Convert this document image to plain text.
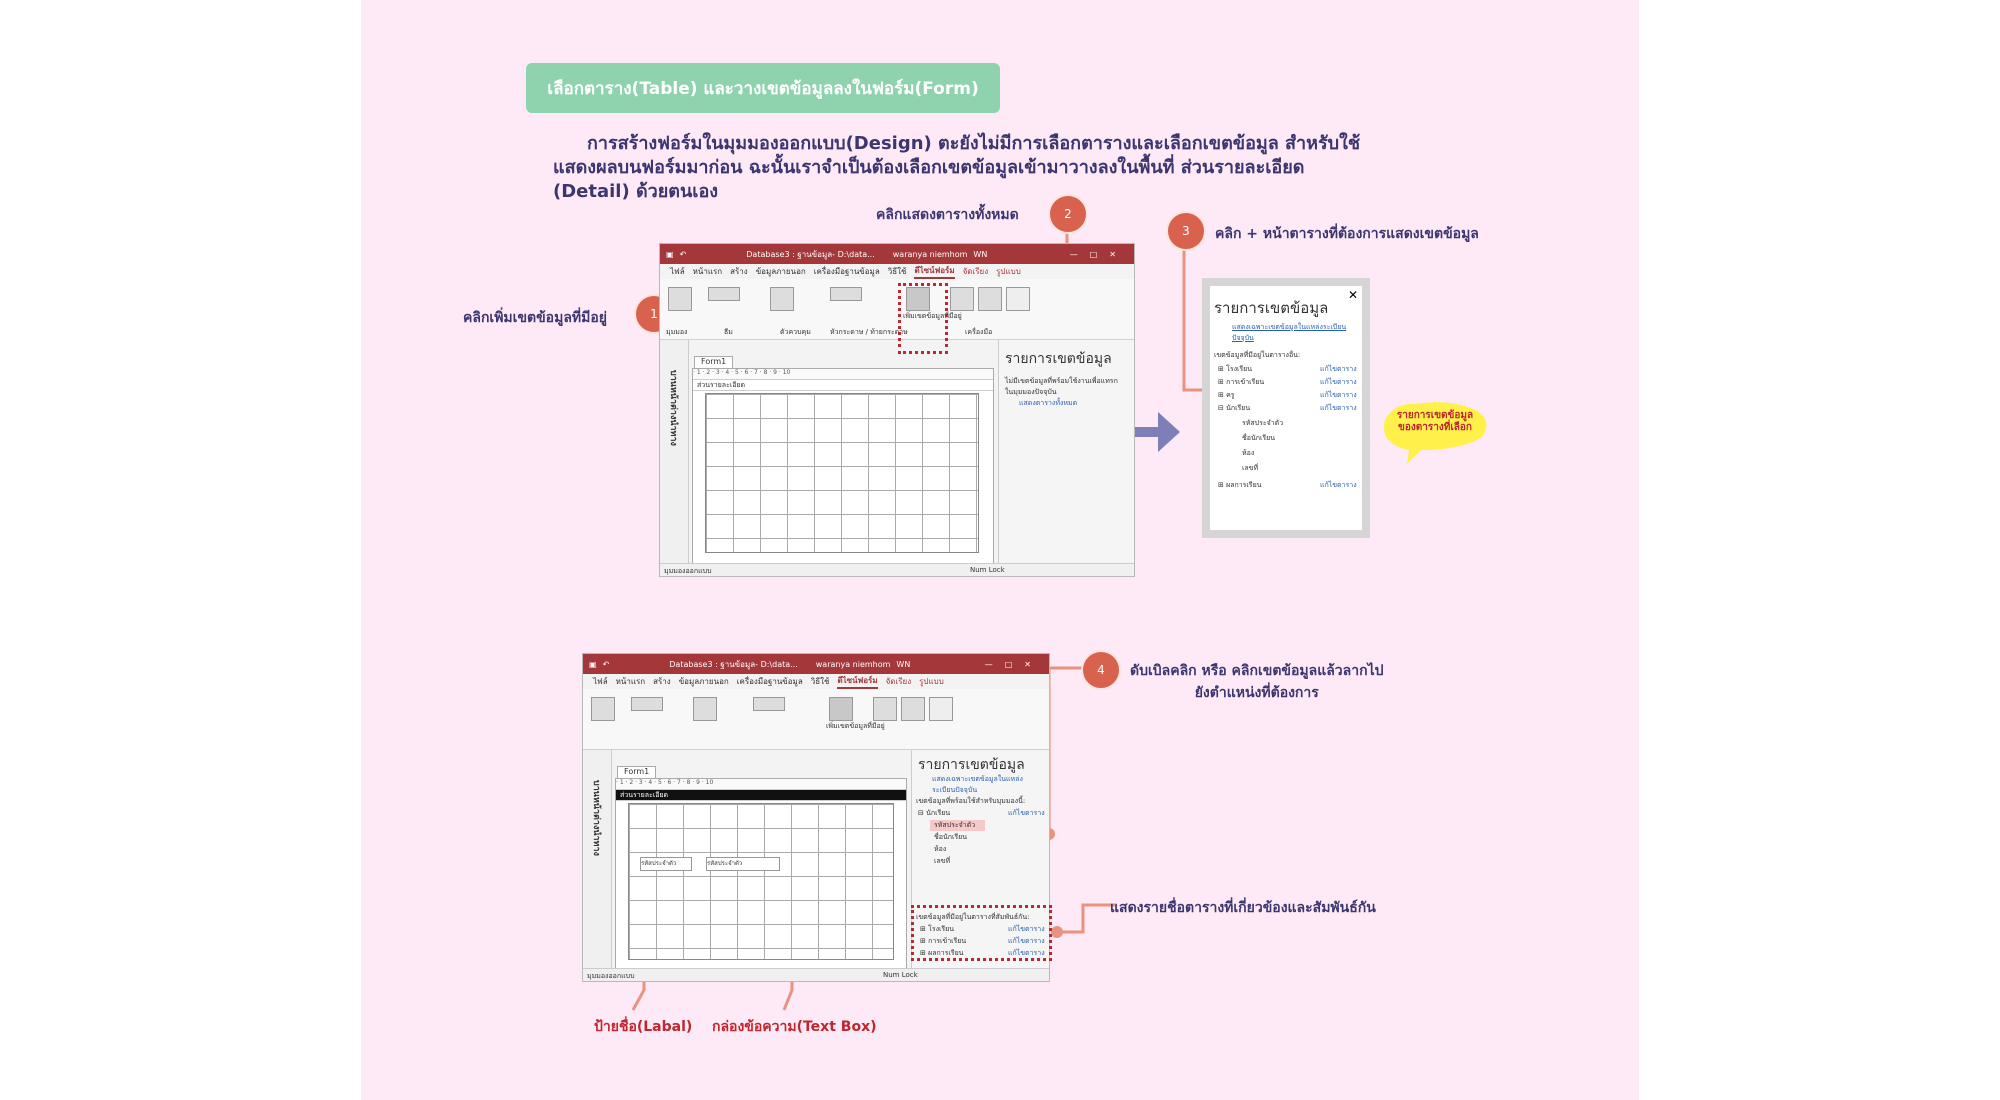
เลือกตาราง(Table) และวางเขตข้อมูลลงในฟอร์ม(Form)
การสร้างฟอร์มในมุมมองออกแบบ(Design) ตะยังไม่มีการเลือกตารางและเลือกเขตข้อมูล สำหรับใช้
แสดงผลบนฟอร์มมาก่อน ฉะนั้นเราจำเป็นต้องเลือกเขตข้อมูลเข้ามาวางลงในพื้นที่ ส่วนรายละเอียด
(Detail) ด้วยตนเอง
1
คลิกเพิ่มเขตข้อมูลที่มีอยู่
2
คลิกแสดงตารางทั้งหมด
3	คลิก + หน้าตารางที่ต้องการแสดงเขตข้อมูล
4	ดับเบิลคลิก หรือ คลิกเขตข้อมูลแล้วลากไป
ยังตำแหน่งที่ต้องการ
แสดงรายชื่อตารางที่เกี่ยวข้องและสัมพันธ์กัน
ป้ายชื่อ(Labal) กล่องข้อความ(Text Box)
รายการเขตข้อมูล
ของตารางที่เลือก
▣ ↶	Database3 : ฐานข้อมูล- D:\data... waranya niemhom WN	—□✕
ไฟล์ หน้าแรก สร้าง ข้อมูลภายนอก เครื่องมือฐานข้อมูล วิธีใช้ ดีไซน์ฟอร์ม จัดเรียง รูปแบบ
เพิ่มเขตข้อมูลที่มีอยู่
มุมมอง	ธีม	ตัวควบคุม	หัวกระดาษ / ท้ายกระดาษ	เครื่องมือ
บานหน้าต่างนำทาง
Form1
· 1 · 2 · 3 · 4 · 5 · 6 · 7 · 8 · 9 · 10
ส่วนรายละเอียด
รายการเขตข้อมูล
ไม่มีเขตข้อมูลที่พร้อมใช้งานเพื่อแทรกในมุมมองปัจจุบัน
แสดงตารางทั้งหมด
มุมมองออกแบบ	Num Lock
✕
รายการเขตข้อมูล
แสดงเฉพาะเขตข้อมูลในแหล่งระเบียนปัจจุบัน
เขตข้อมูลที่มีอยู่ในตารางอื่น:
⊞ โรงเรียน	แก้ไขตาราง
⊞ การเข้าเรียน	แก้ไขตาราง
⊞ ครู	แก้ไขตาราง
⊟ นักเรียน	แก้ไขตาราง
รหัสประจำตัว
ชื่อนักเรียน
ห้อง
เลขที่
⊞ ผลการเรียน	แก้ไขตาราง
▣ ↶	Database3 : ฐานข้อมูล- D:\data... waranya niemhom WN	—□✕
ไฟล์ หน้าแรก สร้าง ข้อมูลภายนอก เครื่องมือฐานข้อมูล วิธีใช้ ดีไซน์ฟอร์ม จัดเรียง รูปแบบ
เพิ่มเขตข้อมูลที่มีอยู่
บานหน้าต่างนำทาง
Form1
· 1 · 2 · 3 · 4 · 5 · 6 · 7 · 8 · 9 · 10
ส่วนรายละเอียด
รหัสประจำตัว	รหัสประจำตัว
รายการเขตข้อมูล
แสดงเฉพาะเขตข้อมูลในแหล่งระเบียนปัจจุบัน
เขตข้อมูลที่พร้อมใช้สำหรับมุมมองนี้:
⊟ นักเรียน	แก้ไขตาราง
รหัสประจำตัว
ชื่อนักเรียน
ห้อง
เลขที่
เขตข้อมูลที่มีอยู่ในตารางที่สัมพันธ์กัน:
⊞ โรงเรียน	แก้ไขตาราง
⊞ การเข้าเรียน	แก้ไขตาราง
⊞ ผลการเรียน	แก้ไขตาราง
มุมมองออกแบบ	Num Lock
